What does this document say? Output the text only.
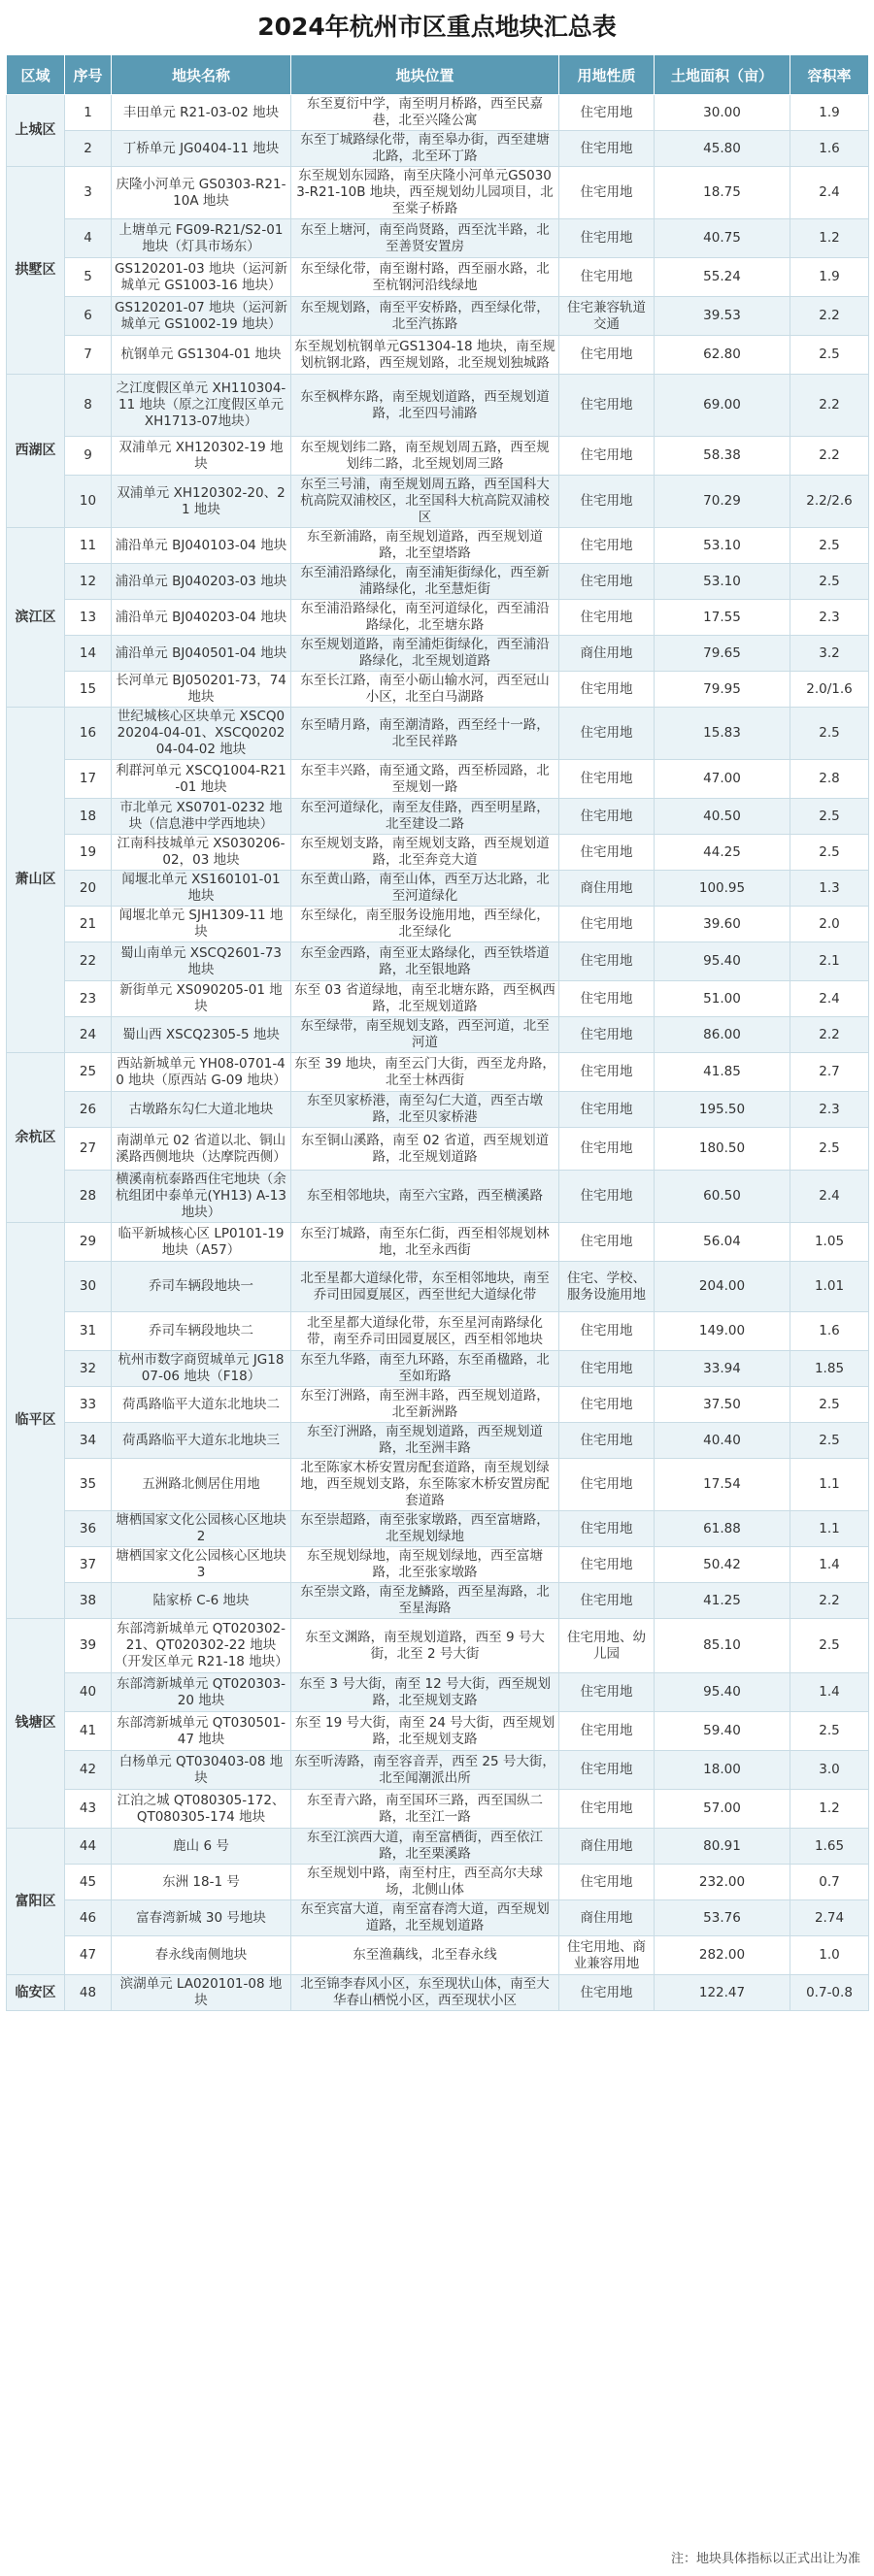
2024年杭州市区重点地块汇总表
区域	序号	地块名称	地块位置	用地性质	土地面积（亩）	容积率
上城区	1	丰田单元 R21-03-02 地块	东至夏衍中学，南至明月桥路，西至民嘉巷，北至兴隆公寓	住宅用地	30.00	1.9
	2	丁桥单元 JG0404-11 地块	东至丁城路绿化带，南至皋办街，西至建塘北路，北至环丁路	住宅用地	45.80	1.6
拱墅区	3	庆隆小河单元 GS0303-R21-10A 地块	东至规划东园路，南至庆隆小河单元GS0303-R21-10B 地块，西至规划幼儿园项目，北至棠子桥路	住宅用地	18.75	2.4
	4	上塘单元 FG09-R21/S2-01 地块（灯具市场东）	东至上塘河，南至尚贤路，西至沈半路，北至善贤安置房	住宅用地	40.75	1.2
	5	GS120201-03 地块（运河新城单元 GS1003-16 地块）	东至绿化带，南至谢村路，西至丽水路，北至杭钢河沿线绿地	住宅用地	55.24	1.9
	6	GS120201-07 地块（运河新城单元 GS1002-19 地块）	东至规划路，南至平安桥路，西至绿化带，北至汽拣路	住宅兼容轨道交通	39.53	2.2
	7	杭钢单元 GS1304-01 地块	东至规划杭钢单元GS1304-18 地块，南至规划杭钢北路，西至规划路，北至规划独城路	住宅用地	62.80	2.5
西湖区	8	之江度假区单元 XH1103​04-11 地块（原之江度假区单元XH1713-07地块）	东至枫桦东路，南至规划道路，西至规划道路，北至四号浦路	住宅用地	69.00	2.2
	9	双浦单元 XH120302-19 地块	东至规划纬二路，南至规划周五路，西至规划纬二路，北至规划周三路	住宅用地	58.38	2.2
	10	双浦单元 XH120302-20、21 地块	东至三号浦，南至规划周五路，西至国科大杭高院双浦校区，北至国科大杭高院双浦校区	住宅用地	70.29	2.2/2.6
滨江区	11	浦沿单元 BJ040103-04 地块	东至新浦路，南至规划道路，西至规划道路，北至望塔路	住宅用地	53.10	2.5
	12	浦沿单元 BJ040203-03 地块	东至浦沿路绿化，南至浦矩街绿化，西至新浦路绿化，北至慧炬街	住宅用地	53.10	2.5
	13	浦沿单元 BJ040203-04 地块	东至浦沿路绿化，南至河道绿化，西至浦沿路绿化，北至塘东路	住宅用地	17.55	2.3
	14	浦沿单元 BJ040501-04 地块	东至规划道路，南至浦炬街绿化，西至浦沿路绿化，北至规划道路	商住用地	79.65	3.2
	15	长河单元 BJ050201-73，74 地块	东至长江路，南至小砺山输水河，西至冠山小区，北至白马湖路	住宅用地	79.95	2.0/1.6
萧山区	16	世纪城核心区块单元 XSCQ020204-04-01、XSCQ020204-04-02 地块	东至晴月路，南至潮清路，西至经十一路，北至民祥路	住宅用地	15.83	2.5
	17	利群河单元 XSCQ1004-R21-01 地块	东至丰兴路，南至通文路，西至桥园路，北至规划一路	住宅用地	47.00	2.8
	18	市北单元 XS0701-0232 地块（信息港中学西地块）	东至河道绿化，南至友佳路，西至明星路，北至建设二路	住宅用地	40.50	2.5
	19	江南科技城单元 XS030206-02，03 地块	东至规划支路，南至规划支路，西至规划道路，北至奔竞大道	住宅用地	44.25	2.5
	20	闻堰北单元 XS160101-01 地块	东至黄山路，南至山体，西至万达北路，北至河道绿化	商住用地	100.95	1.3
	21	闻堰北单元 SJH1309-11 地块	东至绿化，南至服务设施用地，西至绿化，北至绿化	住宅用地	39.60	2.0
	22	蜀山南单元 XSCQ2601-73 地块	东至金西路，南至亚太路绿化，西至铁塔道路，北至银地路	住宅用地	95.40	2.1
	23	新街单元 XS090205-01 地块	东至 03 省道绿地，南至北塘东路，西至枫西路，北至规划道路	住宅用地	51.00	2.4
	24	蜀山西 XSCQ2305-5 地块	东至绿带，南至规划支路，西至河道，北至河道	住宅用地	86.00	2.2
余杭区	25	西站新城单元 YH08-0701-40 地块（原西站 G-09 地块）	东至 39 地块，南至云门大街，西至龙舟路，北至士林西街	住宅用地	41.85	2.7
	26	古墩路东勾仁大道北地块	东至贝家桥港，南至勾仁大道，西至古墩路，北至贝家桥港	住宅用地	195.50	2.3
	27	南湖单元 02 省道以北、铜山溪路西侧地块（达摩院西侧）	东至铜山溪路，南至 02 省道，西至规划道路，北至规划道路	住宅用地	180.50	2.5
	28	横溪南杭泰路西住宅地块（余杭组团中泰单元(YH13) A-13 地块）	东至相邻地块，南至六宝路，西至横溪路	住宅用地	60.50	2.4
临平区	29	临平新城核心区 LP0101-19 地块（A57）	东至汀城路，南至东仁街，西至相邻规划林地，北至永西街	住宅用地	56.04	1.05
	30	乔司车辆段地块一	北至星都大道绿化带，东至相邻地块，南至乔司田园夏展区，西至世纪大道绿化带	住宅、学校、服务设施用地	204.00	1.01
	31	乔司车辆段地块二	北至星都大道绿化带，东至星河南路绿化带，南至乔司田园夏展区，西至相邻地块	住宅用地	149.00	1.6
	32	杭州市数字商贸城单元 JG1807-06 地块（F18）	东至九华路，南至九环路，东至甬楹路，北至如珩路	住宅用地	33.94	1.85
	33	荷禹路临平大道东北地块二	东至汀洲路，南至洲丰路，西至规划道路，北至新洲路	住宅用地	37.50	2.5
	34	荷禹路临平大道东北地块三	东至汀洲路，南至规划道路，西至规划道路，北至洲丰路	住宅用地	40.40	2.5
	35	五洲路北侧居住用地	北至陈家木桥安置房配套道路，南至规划绿地，西至规划支路，东至陈家木桥安置房配套道路	住宅用地	17.54	1.1
	36	塘栖国家文化公园核心区地块 2	东至崇超路，南至张家墩路，西至富塘路，北至规划绿地	住宅用地	61.88	1.1
	37	塘栖国家文化公园核心区地块 3	东至规划绿地，南至规划绿地，西至富塘路，北至张家墩路	住宅用地	50.42	1.4
	38	陆家桥 C-6 地块	东至崇文路，南至龙鳞路，西至星海路，北至星海路	住宅用地	41.25	2.2
钱塘区	39	东部湾新城单元 QT020302-21、QT020302-22 地块（开发区单元 R21-18 地块）	东至文渊路，南至规划道路，西至 9 号大街，北至 2 号大街	住宅用地、幼儿园	85.10	2.5
	40	东部湾新城单元 QT020303-20 地块	东至 3 号大街，南至 12 号大街，西至规划路，北至规划支路	住宅用地	95.40	1.4
	41	东部湾新城单元 QT030501-47 地块	东至 19 号大街，南至 24 号大街，西至规划路，北至规划支路	住宅用地	59.40	2.5
	42	白杨单元 QT030403-08 地块	东至听涛路，南至容音弄，西至 25 号大街，北至闻潮派出所	住宅用地	18.00	3.0
	43	江泊之城 QT080305-172、QT080305-174 地块	东至青六路，南至国环三路，西至国纵二路，北至江一路	住宅用地	57.00	1.2
富阳区	44	鹿山 6 号	东至江滨西大道，南至富栖街，西至依江路，北至栗溪路	商住用地	80.91	1.65
	45	东洲 18-1 号	东至规划中路，南至村庄，西至高尔夫球场，北侧山体	住宅用地	232.00	0.7
	46	富春湾新城 30 号地块	东至宾富大道，南至富春湾大道，西至规划道路，北至规划道路	商住用地	53.76	2.74
	47	春永线南侧地块	东至渔藕线，北至春永线	住宅用地、商业兼容用地	282.00	1.0
临安区	48	滨湖单元 LA020101-08 地块	北至锦李春风小区，东至现状山体，南至大华春山栖悦小区，西至现状小区	住宅用地	122.47	0.7-0.8
注：地块具体指标以正式出让为准
